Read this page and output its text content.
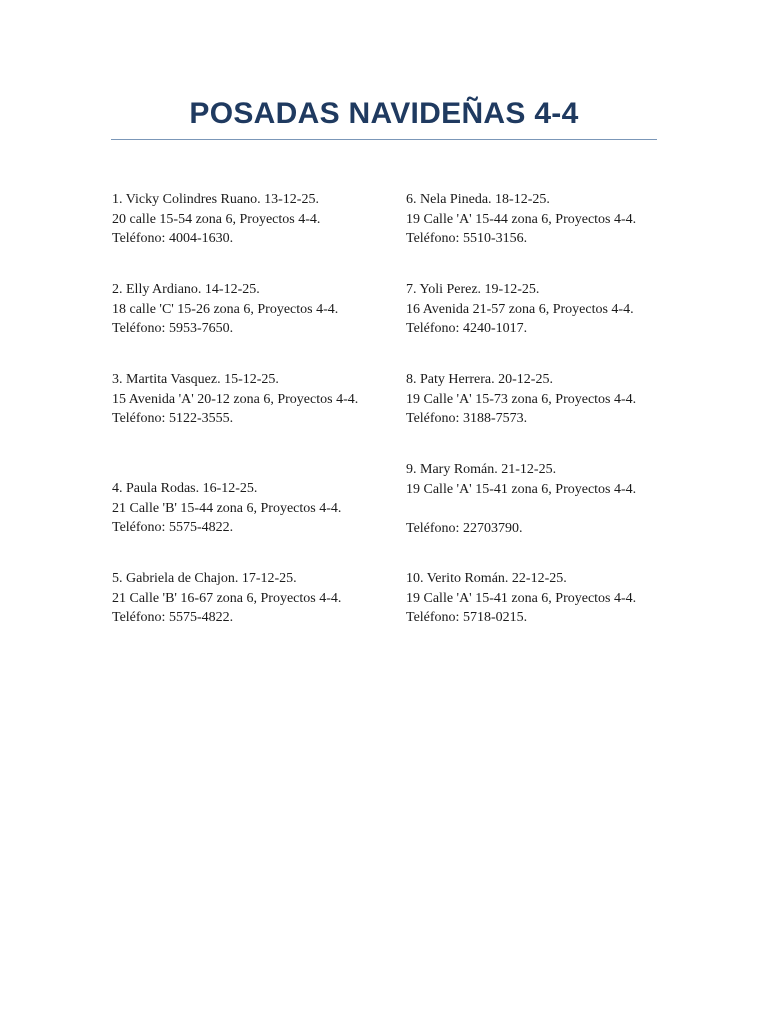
POSADAS NAVIDEÑAS 4-4
1. Vicky Colindres Ruano. 13-12-25.
20 calle 15-54 zona 6, Proyectos 4-4.
Teléfono: 4004-1630.
2. Elly Ardiano. 14-12-25.
18 calle 'C' 15-26 zona 6, Proyectos 4-4.
Teléfono: 5953-7650.
3. Martita Vasquez. 15-12-25.
15 Avenida 'A' 20-12 zona 6, Proyectos 4-4.
Teléfono: 5122-3555.
4. Paula Rodas. 16-12-25.
21 Calle 'B' 15-44 zona 6, Proyectos 4-4.
Teléfono: 5575-4822.
5. Gabriela de Chajon. 17-12-25.
21 Calle 'B' 16-67 zona 6, Proyectos 4-4.
Teléfono: 5575-4822.
6. Nela Pineda. 18-12-25.
19 Calle 'A' 15-44 zona 6, Proyectos 4-4.
Teléfono: 5510-3156.
7. Yoli Perez. 19-12-25.
16 Avenida 21-57 zona 6, Proyectos 4-4.
Teléfono: 4240-1017.
8. Paty Herrera. 20-12-25.
19 Calle 'A' 15-73 zona 6, Proyectos 4-4.
Teléfono: 3188-7573.
9. Mary Román. 21-12-25.
19 Calle 'A' 15-41 zona 6, Proyectos 4-4.
Teléfono: 22703790.
10. Verito Román. 22-12-25.
19 Calle 'A' 15-41 zona 6, Proyectos 4-4.
Teléfono: 5718-0215.
